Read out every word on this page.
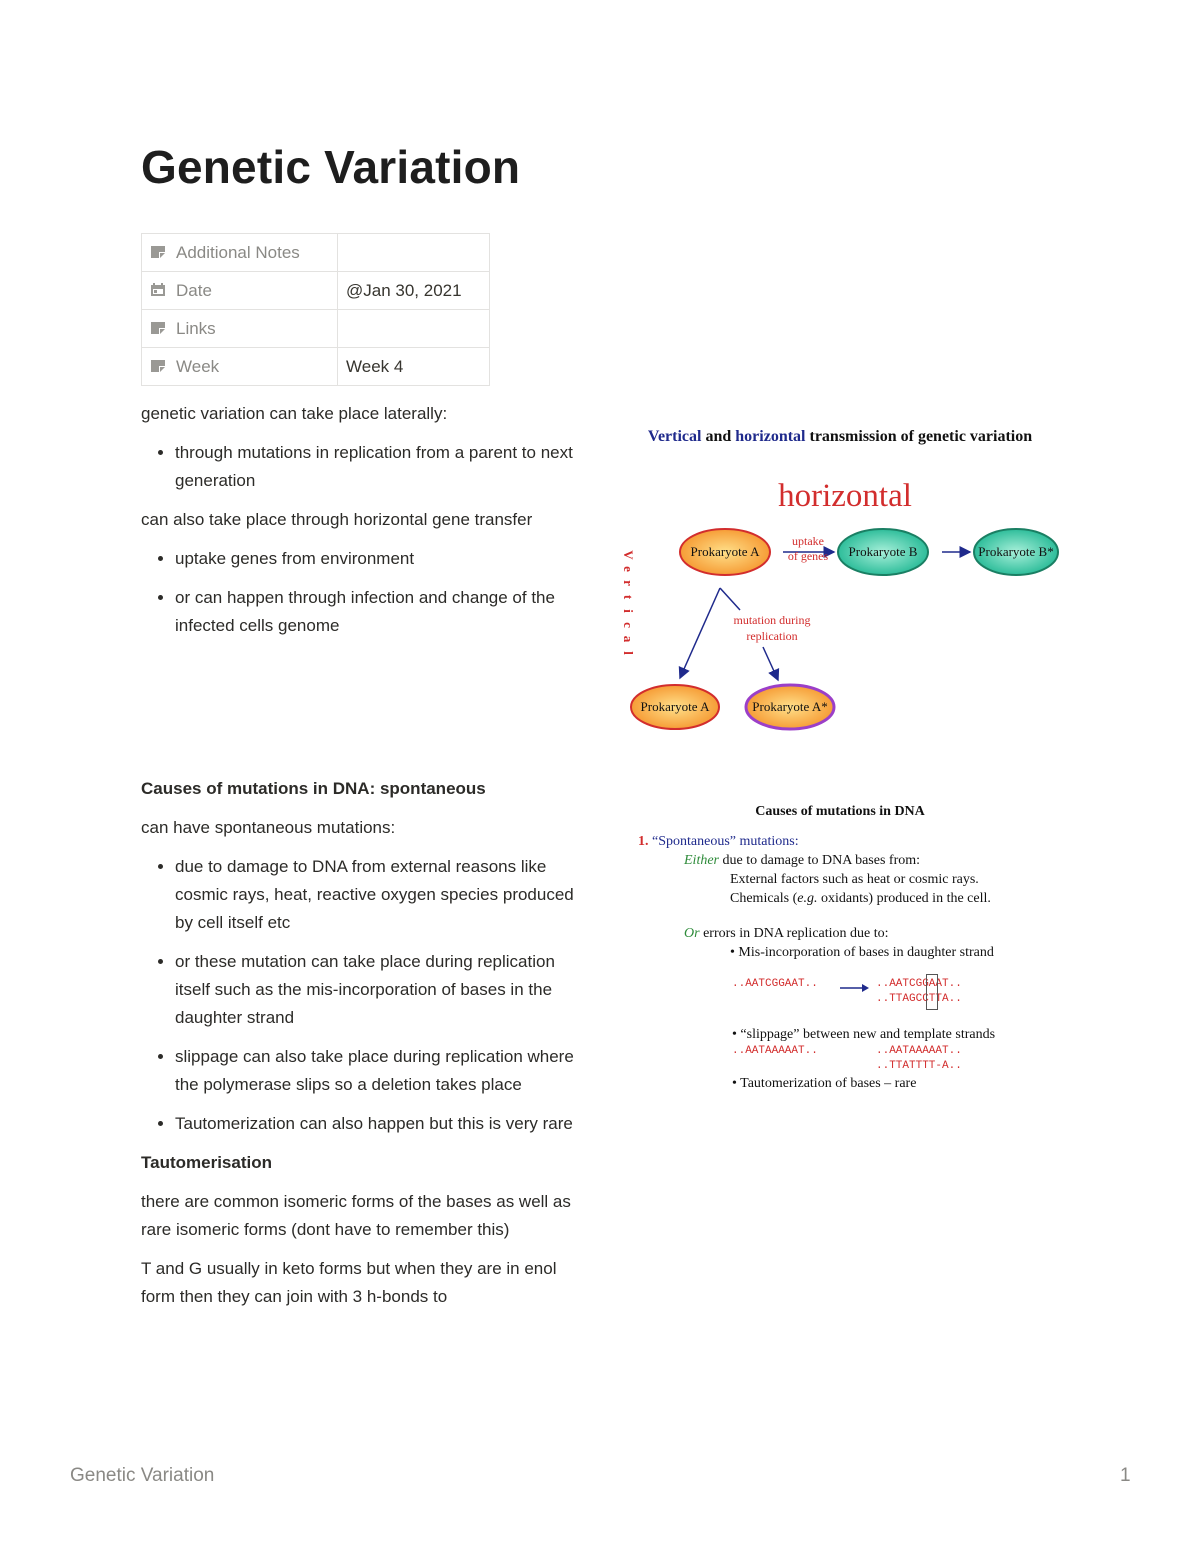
Genetic Variation
Additional Notes	
Date	@Jan 30, 2021
Links	
Week	Week 4

genetic variation can take place laterally:

• through mutations in replication from a parent to next generation

can also take place through horizontal gene transfer

• uptake genes from environment
• or can happen through infection and change of the infected cells genome

Causes of mutations in DNA: spontaneous

can have spontaneous mutations:

• due to damage to DNA from external reasons like cosmic rays, heat, reactive oxygen species produced by cell itself etc
• or these mutation can take place during replication itself such as the mis-incorporation of bases in the daughter strand
• slippage can also take place during replication where the polymerase slips so a deletion takes place
• Tautomerization can also happen but this is very rare

Tautomerisation

there are common isomeric forms of the bases as well as rare isomeric forms (dont have to remember this)

T and G usually in keto forms but when they are in enol form then they can join with 3 h-bonds to

Vertical and horizontal transmission of genetic variation
horizontal
V
e
r
t
i
c
a
l
Prokaryote A	Prokaryote B	Prokaryote B*
Prokaryote A	Prokaryote A*
uptake
of genes
mutation during
replication
Causes of mutations in DNA
1. “Spontaneous” mutations:
Either due to damage to DNA bases from:
External factors such as heat or cosmic rays.
Chemicals (e.g. oxidants) produced in the cell.
Or errors in DNA replication due to:
• Mis-incorporation of bases in daughter strand
..AATCGGAAT..	..AATCGGAAT..
..TTAGCCTTA..
• “slippage” between new and template strands
..AATAAAAAT..	..AATAAAAAT..
..TTATTTT-A..
• Tautomerization of bases – rare
Genetic Variation	1
